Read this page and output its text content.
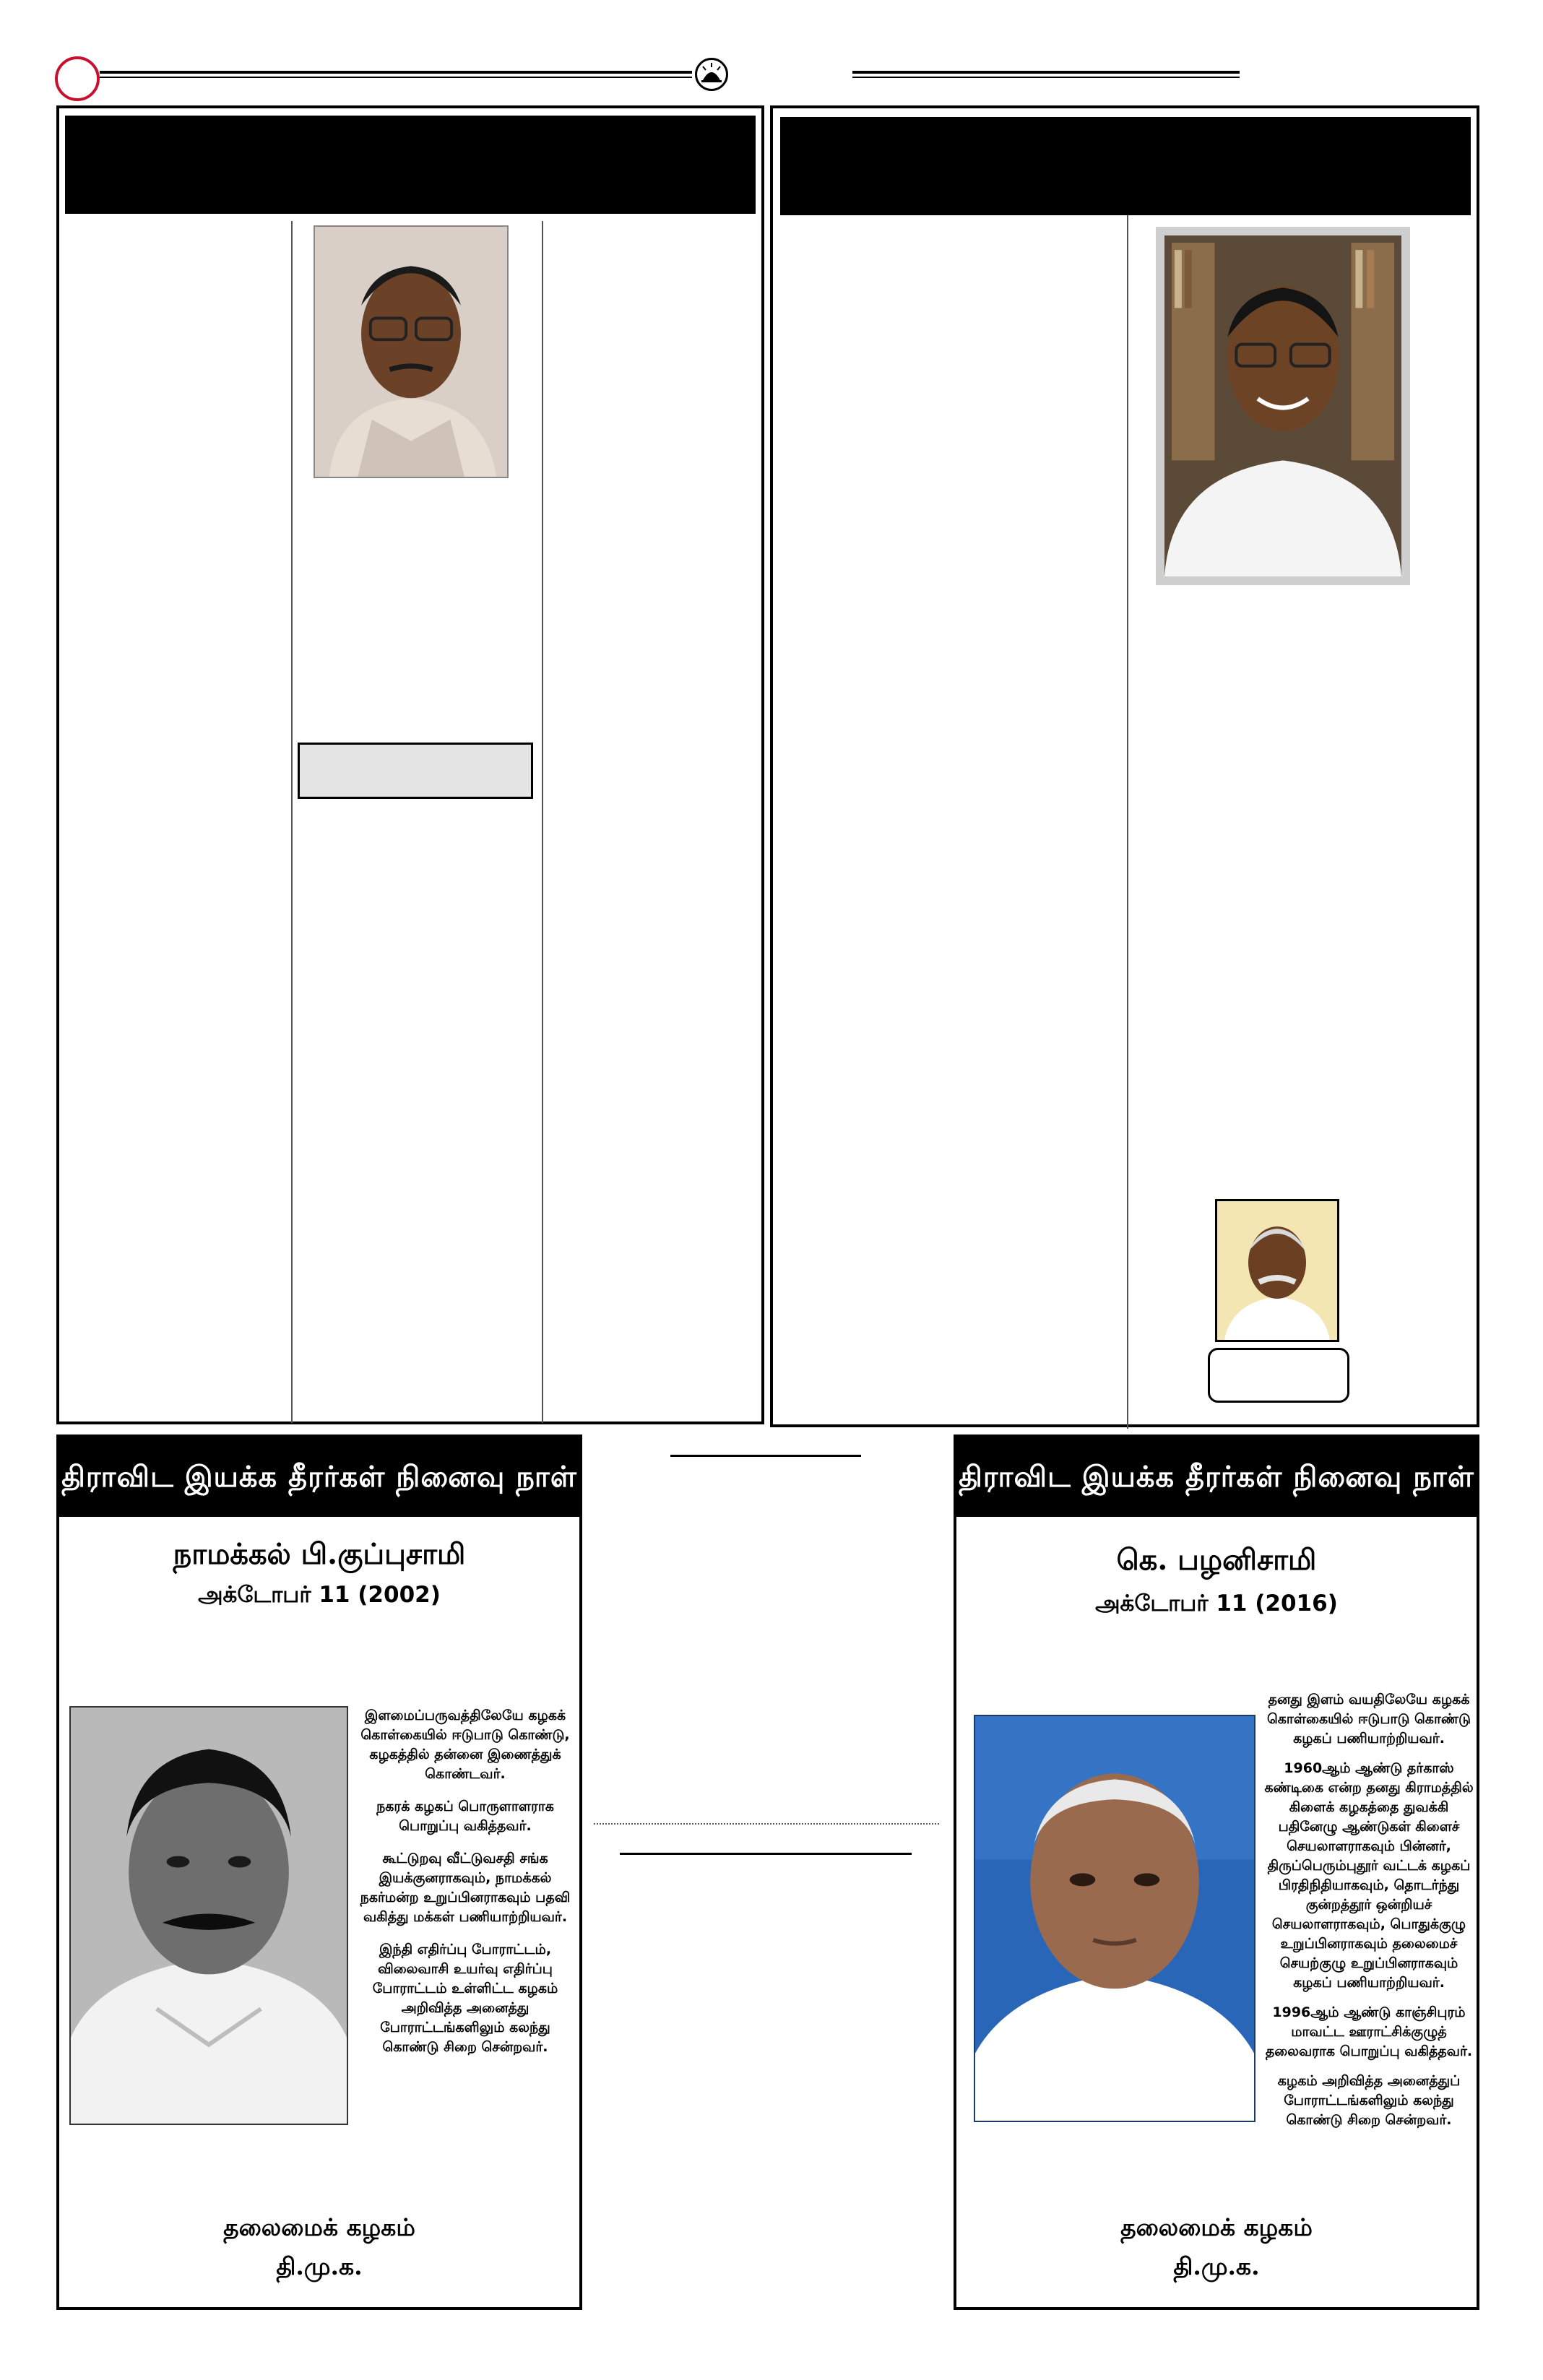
திராவிட இயக்க தீரர்கள் நினைவு நாள்
நாமக்கல் பி.குப்புசாமி
அக்டோபர் 11 (2002)

இளமைப்பருவத்திலேயே கழகக் கொள்கையில் ஈடுபாடு கொண்டு, கழகத்தில் தன்னை இணைத்துக் கொண்டவர்.

நகரக் கழகப் பொருளாளராக பொறுப்பு வகித்தவர்.

கூட்டுறவு வீட்டுவசதி சங்க இயக்குனராகவும், நாமக்கல் நகர்மன்ற உறுப்பினராகவும் பதவி வகித்து மக்கள் பணியாற்றியவர்.

இந்தி எதிர்ப்பு போராட்டம், விலைவாசி உயர்வு எதிர்ப்பு போராட்டம் உள்ளிட்ட கழகம் அறிவித்த அனைத்து போராட்டங்களிலும் கலந்து கொண்டு சிறை சென்றவர்.

தலைமைக் கழகம்
தி.மு.க.
திராவிட இயக்க தீரர்கள் நினைவு நாள்
கெ. பழனிசாமி
அக்டோபர் 11 (2016)

தனது இளம் வயதிலேயே கழகக் கொள்கையில் ஈடுபாடு கொண்டு கழகப் பணியாற்றியவர்.

1960ஆம் ஆண்டு தர்காஸ் கண்டிகை என்ற தனது கிராமத்தில் கிளைக் கழகத்தை துவக்கி பதினேழு ஆண்டுகள் கிளைச் செயலாளராகவும் பின்னர், திருப்பெரும்புதூர் வட்டக் கழகப் பிரதிநிதியாகவும், தொடர்ந்து குன்றத்தூர் ஒன்றியச் செயலாளராகவும், பொதுக்குழு உறுப்பினராகவும் தலைமைச் செயற்குழு உறுப்பினராகவும் கழகப் பணியாற்றியவர்.

1996ஆம் ஆண்டு காஞ்சிபுரம் மாவட்ட ஊராட்சிக்குழுத் தலைவராக பொறுப்பு வகித்தவர்.

கழகம் அறிவித்த அனைத்துப் போராட்டங்களிலும் கலந்து கொண்டு சிறை சென்றவர்.

தலைமைக் கழகம்
தி.மு.க.
